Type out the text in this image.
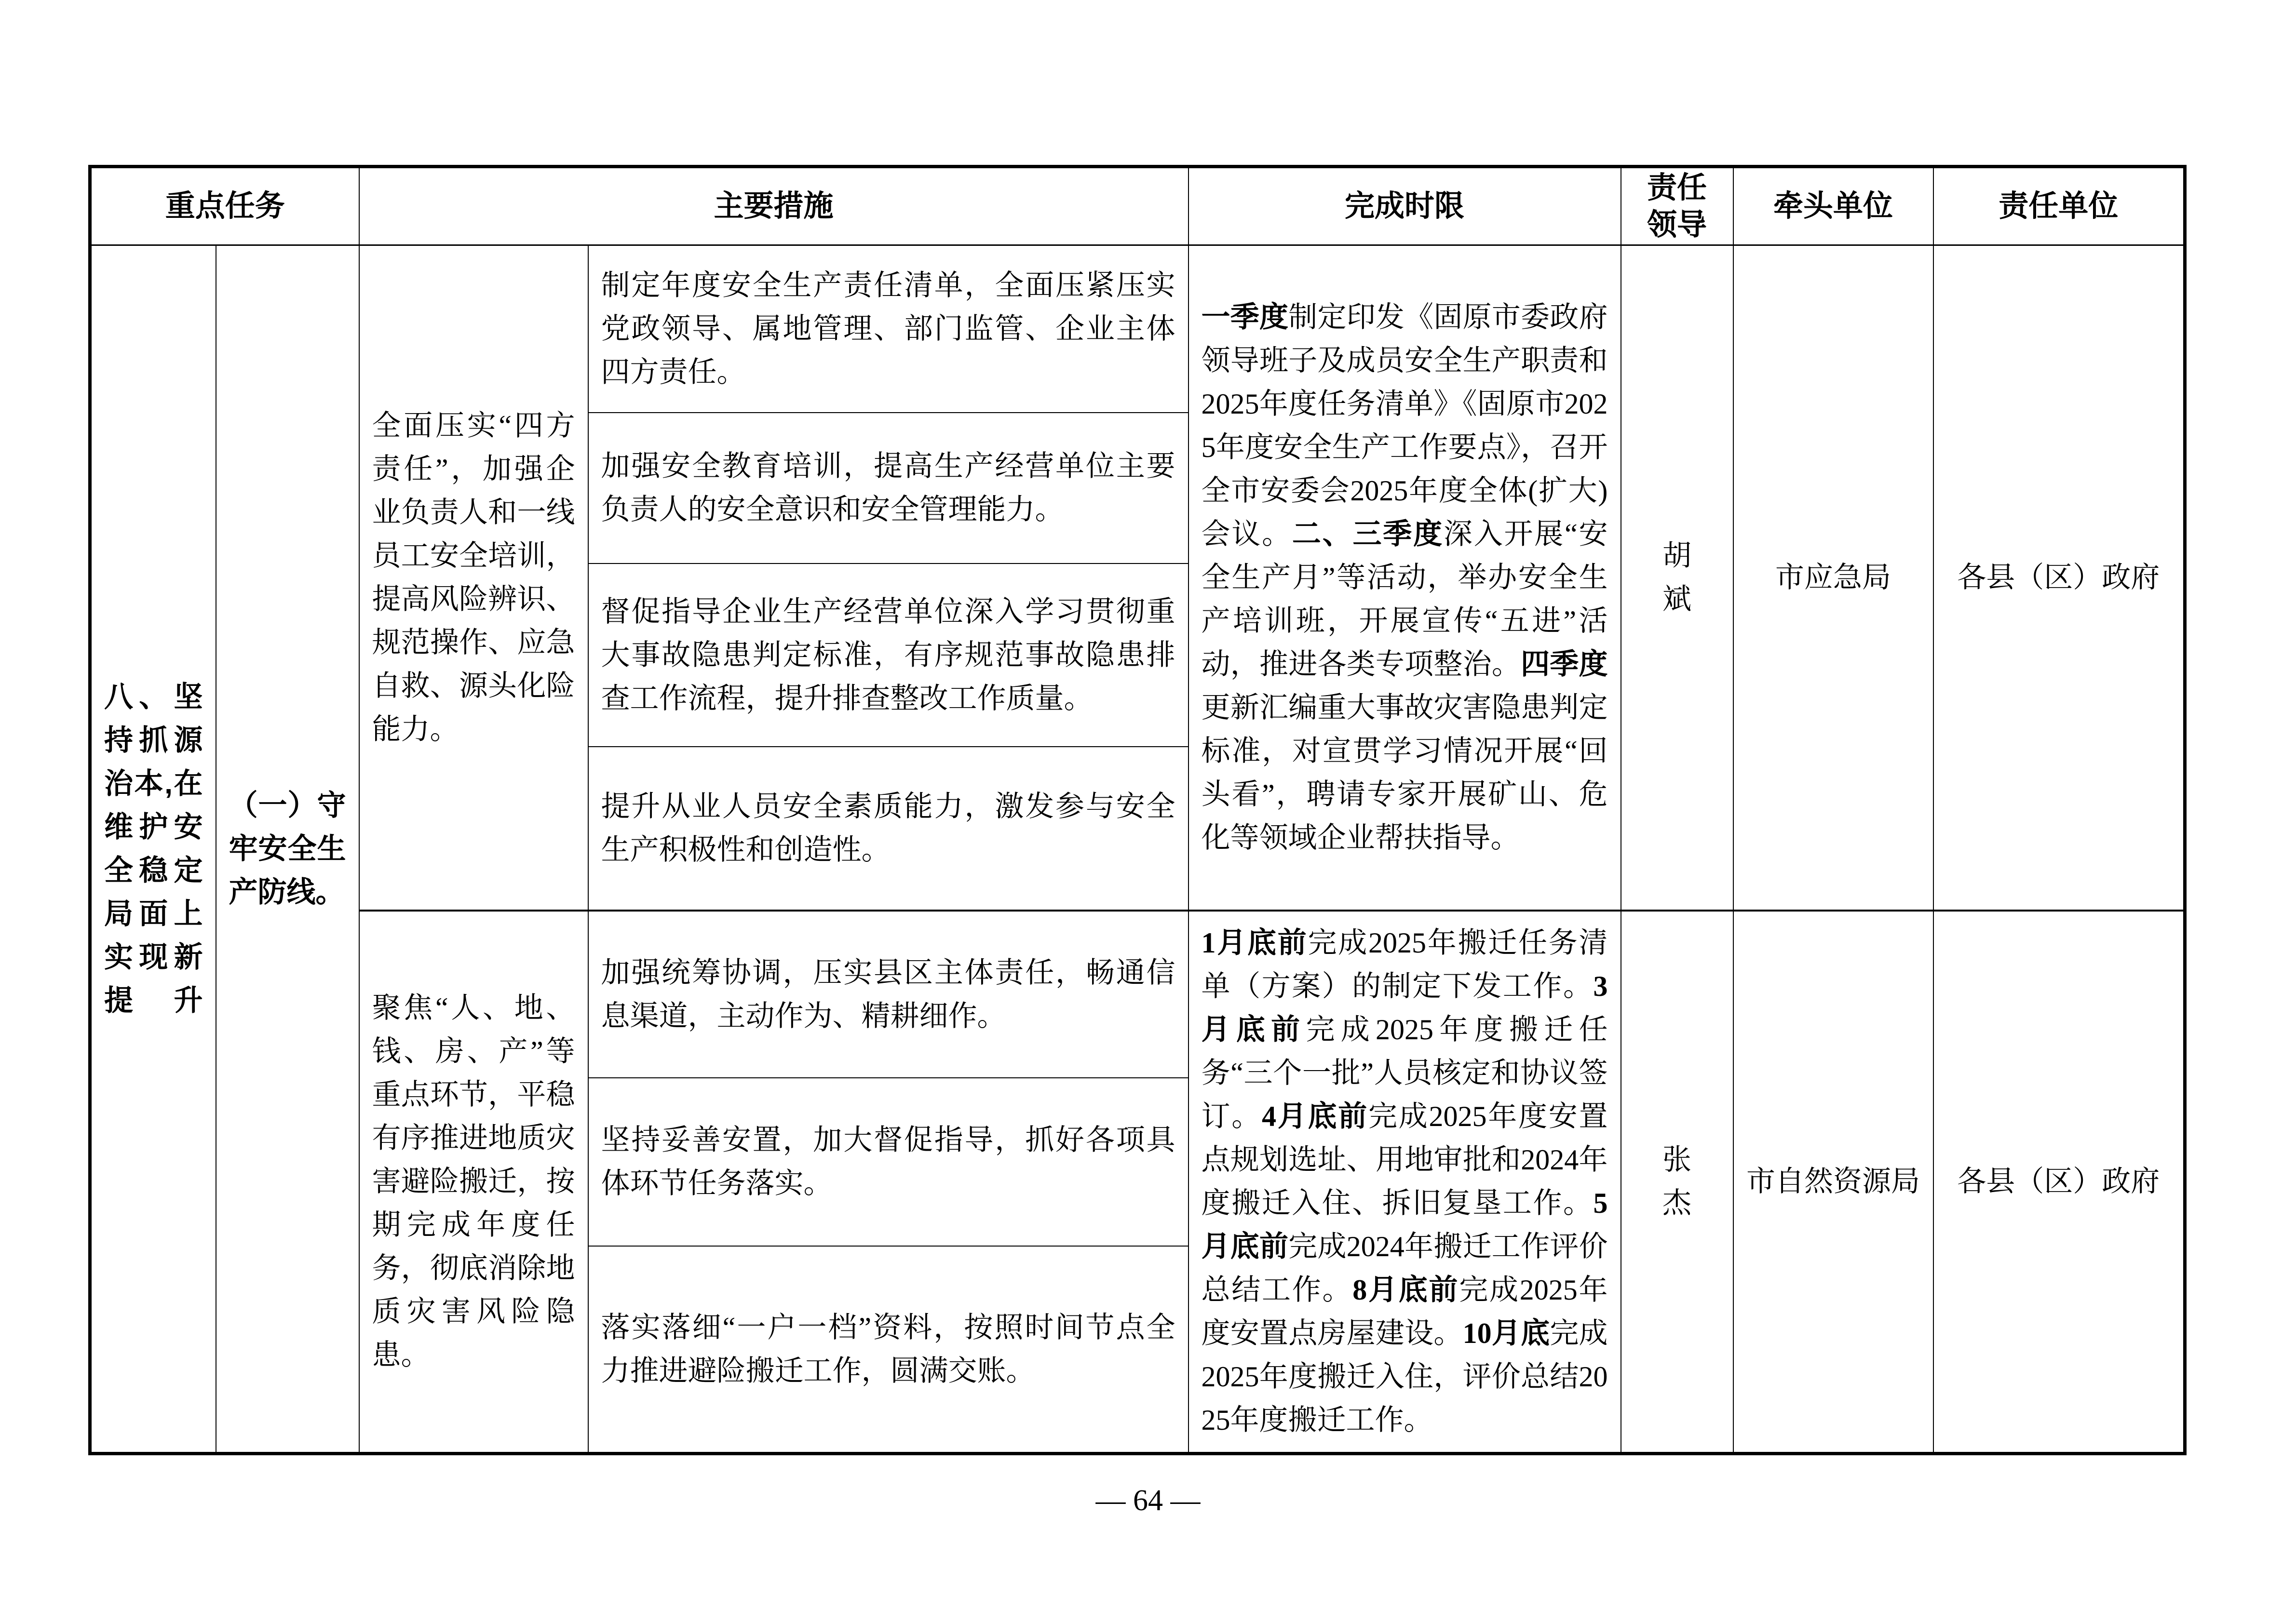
重点任务		主要措施		完成时限	责任领导	牵头单位	责任单位
八、坚持抓源治本,在维护安全稳定局面上实现新提升	（一）守牢安全生产防线。	全面压实“四方责任”，加强企业负责人和一线员工安全培训，提高风险辨识、规范操作、应急自救、源头化险能力。	制定年度安全生产责任清单，全面压紧压实党政领导、属地管理、部门监管、企业主体四方责任。	一季度制定印发《固原市委政府领导班子及成员安全生产职责和2025年度任务清单》《固原市2025年度安全生产工作要点》，召开全市安委会2025年度全体(扩大)会议。二、三季度深入开展“安全生产月”等活动，举办安全生产培训班，开展宣传“五进”活动，推进各类专项整治。四季度更新汇编重大事故灾害隐患判定标准，对宣贯学习情况开展“回头看”，聘请专家开展矿山、危化等领域企业帮扶指导。	胡　斌	市应急局	各县（区）政府
			加强安全教育培训，提高生产经营单位主要负责人的安全意识和安全管理能力。				
			督促指导企业生产经营单位深入学习贯彻重大事故隐患判定标准，有序规范事故隐患排查工作流程，提升排查整改工作质量。				
			提升从业人员安全素质能力，激发参与安全生产积极性和创造性。				
		聚焦“人、地、钱、房、产”等重点环节，平稳有序推进地质灾害避险搬迁，按期完成年度任务，彻底消除地质灾害风险隐患。	加强统筹协调，压实县区主体责任，畅通信息渠道，主动作为、精耕细作。	1月底前完成2025年搬迁任务清单（方案）的制定下发工作。3月底前完成2025年度搬迁任务“三个一批”人员核定和协议签订。4月底前完成2025年度安置点规划选址、用地审批和2024年度搬迁入住、拆旧复垦工作。5月底前完成2024年搬迁工作评价总结工作。8月底前完成2025年度安置点房屋建设。10月底完成2025年度搬迁入住，评价总结2025年度搬迁工作。	张　杰	市自然资源局	各县（区）政府
			坚持妥善安置，加大督促指导，抓好各项具体环节任务落实。				
			落实落细“一户一档”资料，按照时间节点全力推进避险搬迁工作，圆满交账。				
— 64 —
